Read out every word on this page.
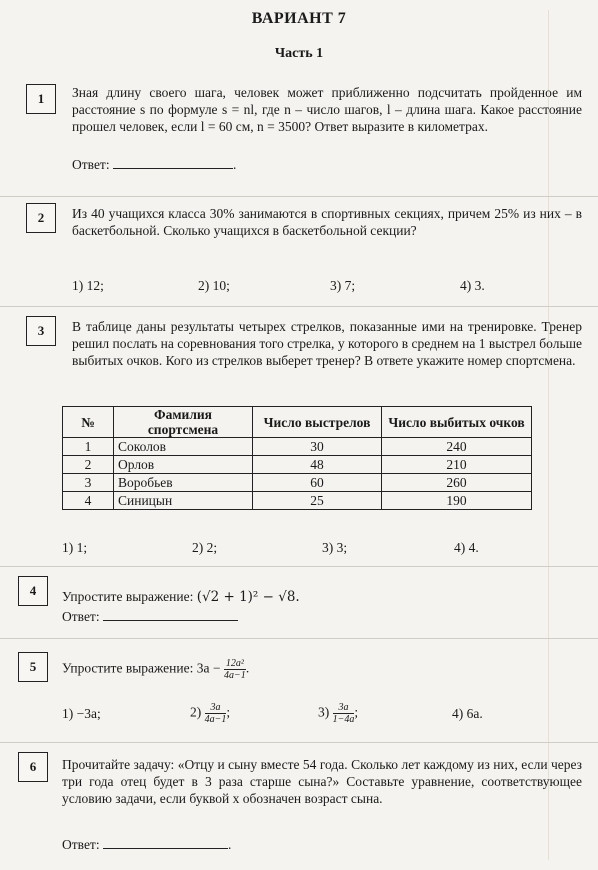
ВАРИАНТ 7
Часть 1
1	Зная длину своего шага, человек может приближенно подсчитать пройденное им расстояние s по формуле s = nl, где n – число шагов, l – длина шага. Какое расстояние прошел человек, если l = 60 см, n = 3500? Ответ выразите в километрах.
Ответ:	.
2	Из 40 учащихся класса 30% занимаются в спортивных секциях, причем 25% из них – в баскетбольной. Сколько учащихся в баскетбольной секции?
1) 12;	2) 10;	3) 7;	4) 3.
3	В таблице даны результаты четырех стрелков, показанные ими на тренировке. Тренер решил послать на соревнования того стрелка, у которого в среднем на 1 выстрел больше выбитых очков. Кого из стрелков выберет тренер? В ответе укажите номер спортсмена.
№	Фамилия спортсмена	Число выстрелов	Число выбитых очков
1	Соколов	30	240
2	Орлов	48	210
3	Воробьев	60	260
4	Синицын	25	190
1) 1;	2) 2;	3) 3;	4) 4.
4	Упростите выражение: (√2 + 1)² − √8.
Ответ:
5	Упростите выражение: $3a - \frac{\text{12a²}}{4a-1}$ .
1) −3a;	$2) \frac{3a}{4a-1}$ ;	$3) \frac{3a}{1-4a}$ ;	4) 6a.
6	Прочитайте задачу: «Отцу и сыну вместе 54 года. Сколько лет каждому из них, если через три года отец будет в 3 раза старше сына?» Составьте уравнение, соответствующее условию задачи, если буквой x обозначен возраст сына.
Ответ:	.
